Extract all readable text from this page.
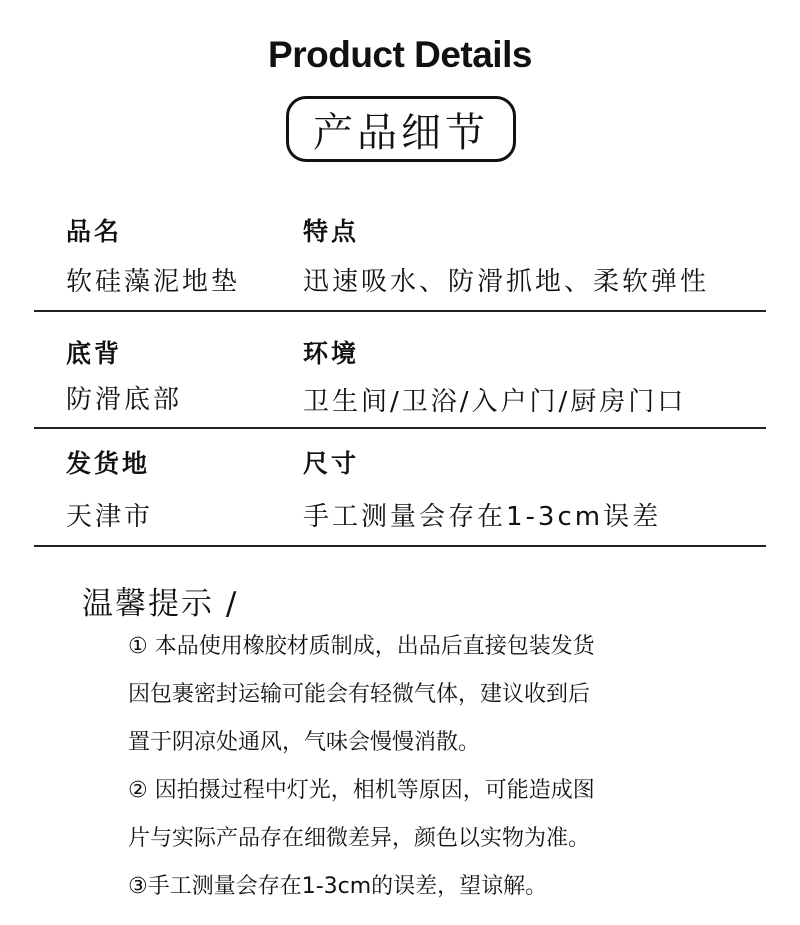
Product Details
产品细节
品名
软硅藻泥地垫
特点
迅速吸水、防滑抓地、柔软弹性
底背
防滑底部
环境
卫生间/卫浴/入户门/厨房门口
发货地
天津市
尺寸
手工测量会存在1-3cm误差
温馨提示 /
① 本品使用橡胶材质制成，出品后直接包装发货
因包裹密封运输可能会有轻微气体，建议收到后
置于阴凉处通风，气味会慢慢消散。
② 因拍摄过程中灯光，相机等原因，可能造成图
片与实际产品存在细微差异，颜色以实物为准。
③手工测量会存在1-3cm的误差，望谅解。
